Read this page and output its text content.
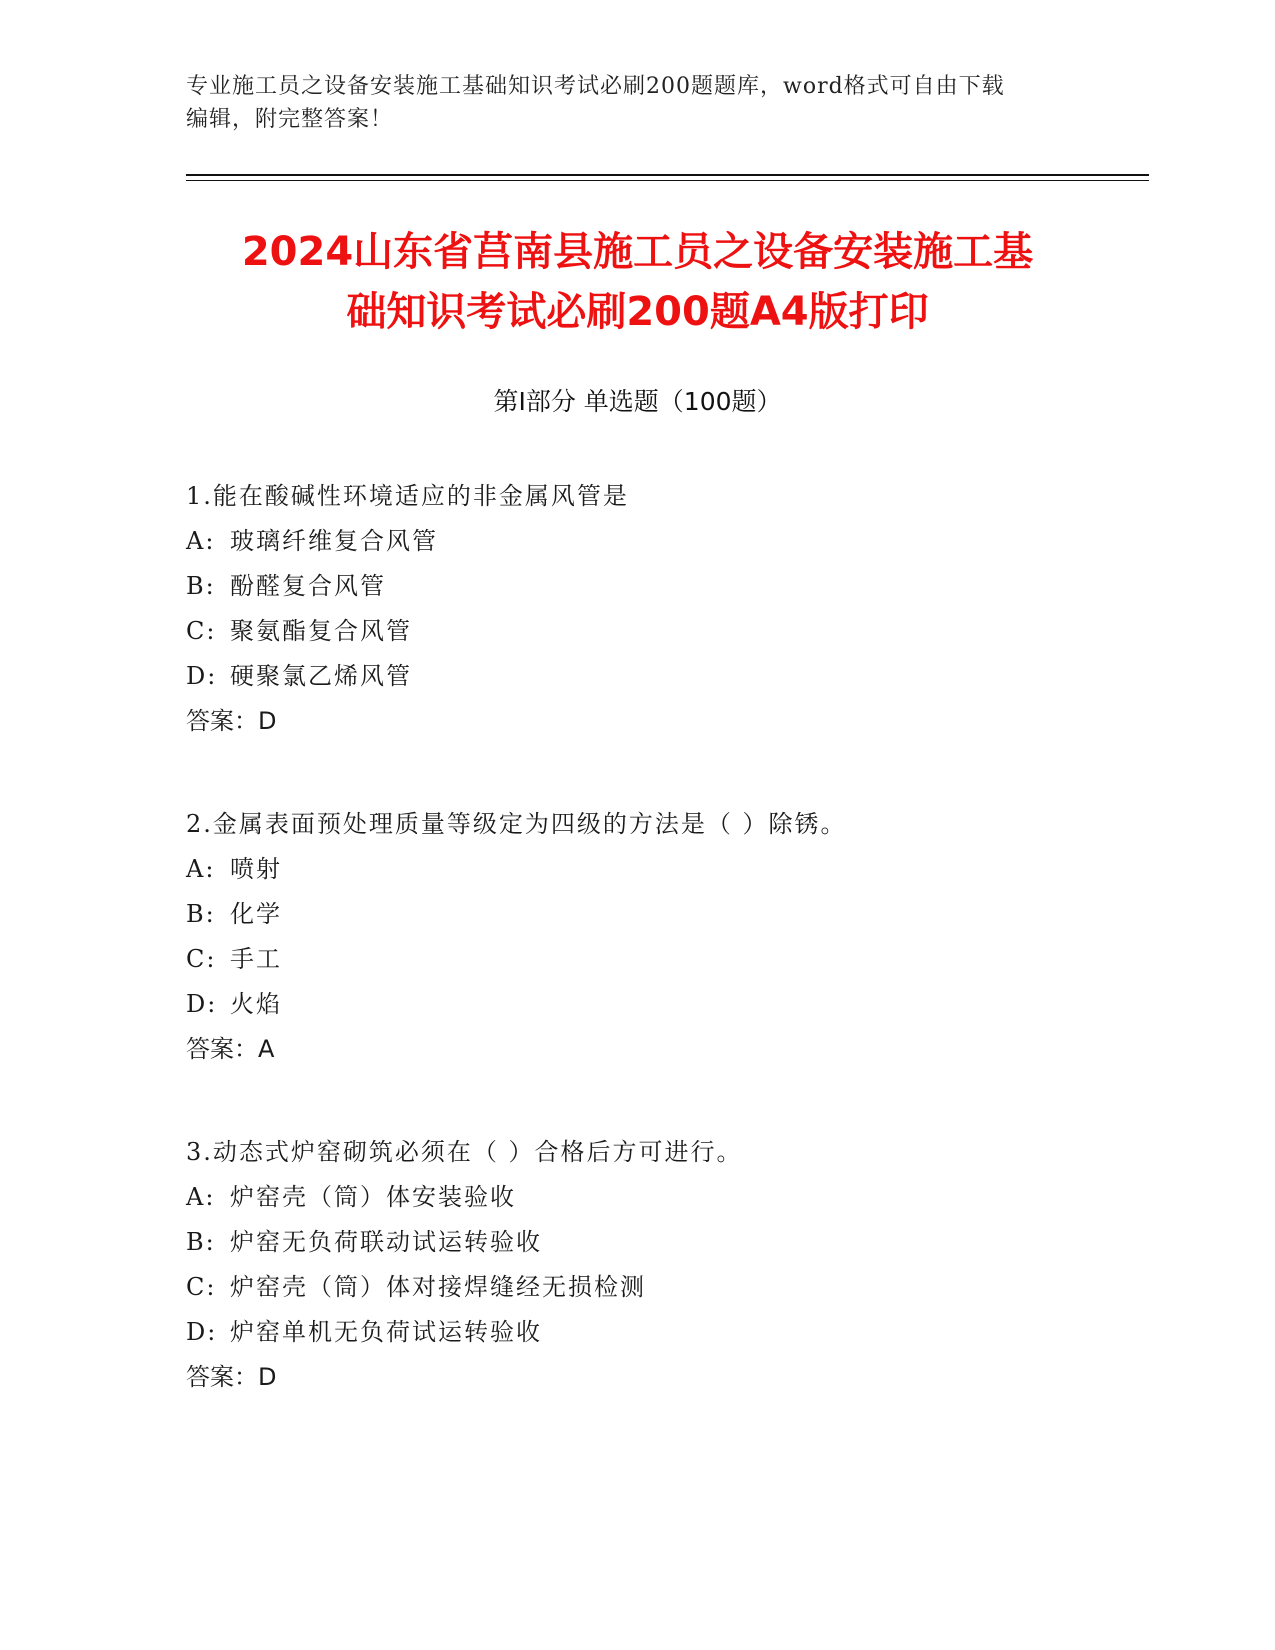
专业施工员之设备安装施工基础知识考试必刷200题题库，word格式可自由下载
编辑，附完整答案！
2024山东省莒南县施工员之设备安装施工基
础知识考试必刷200题A4版打印
第Ⅰ部分 单选题（100题）
1.能在酸碱性环境适应的非金属风管是
A: 玻璃纤维复合风管
B: 酚醛复合风管
C: 聚氨酯复合风管
D: 硬聚氯乙烯风管
答案：D
2.金属表面预处理质量等级定为四级的方法是（ ）除锈。
A: 喷射
B: 化学
C: 手工
D: 火焰
答案：A
3.动态式炉窑砌筑必须在（ ）合格后方可进行。
A: 炉窑壳（筒）体安装验收
B: 炉窑无负荷联动试运转验收
C: 炉窑壳（筒）体对接焊缝经无损检测
D: 炉窑单机无负荷试运转验收
答案：D
